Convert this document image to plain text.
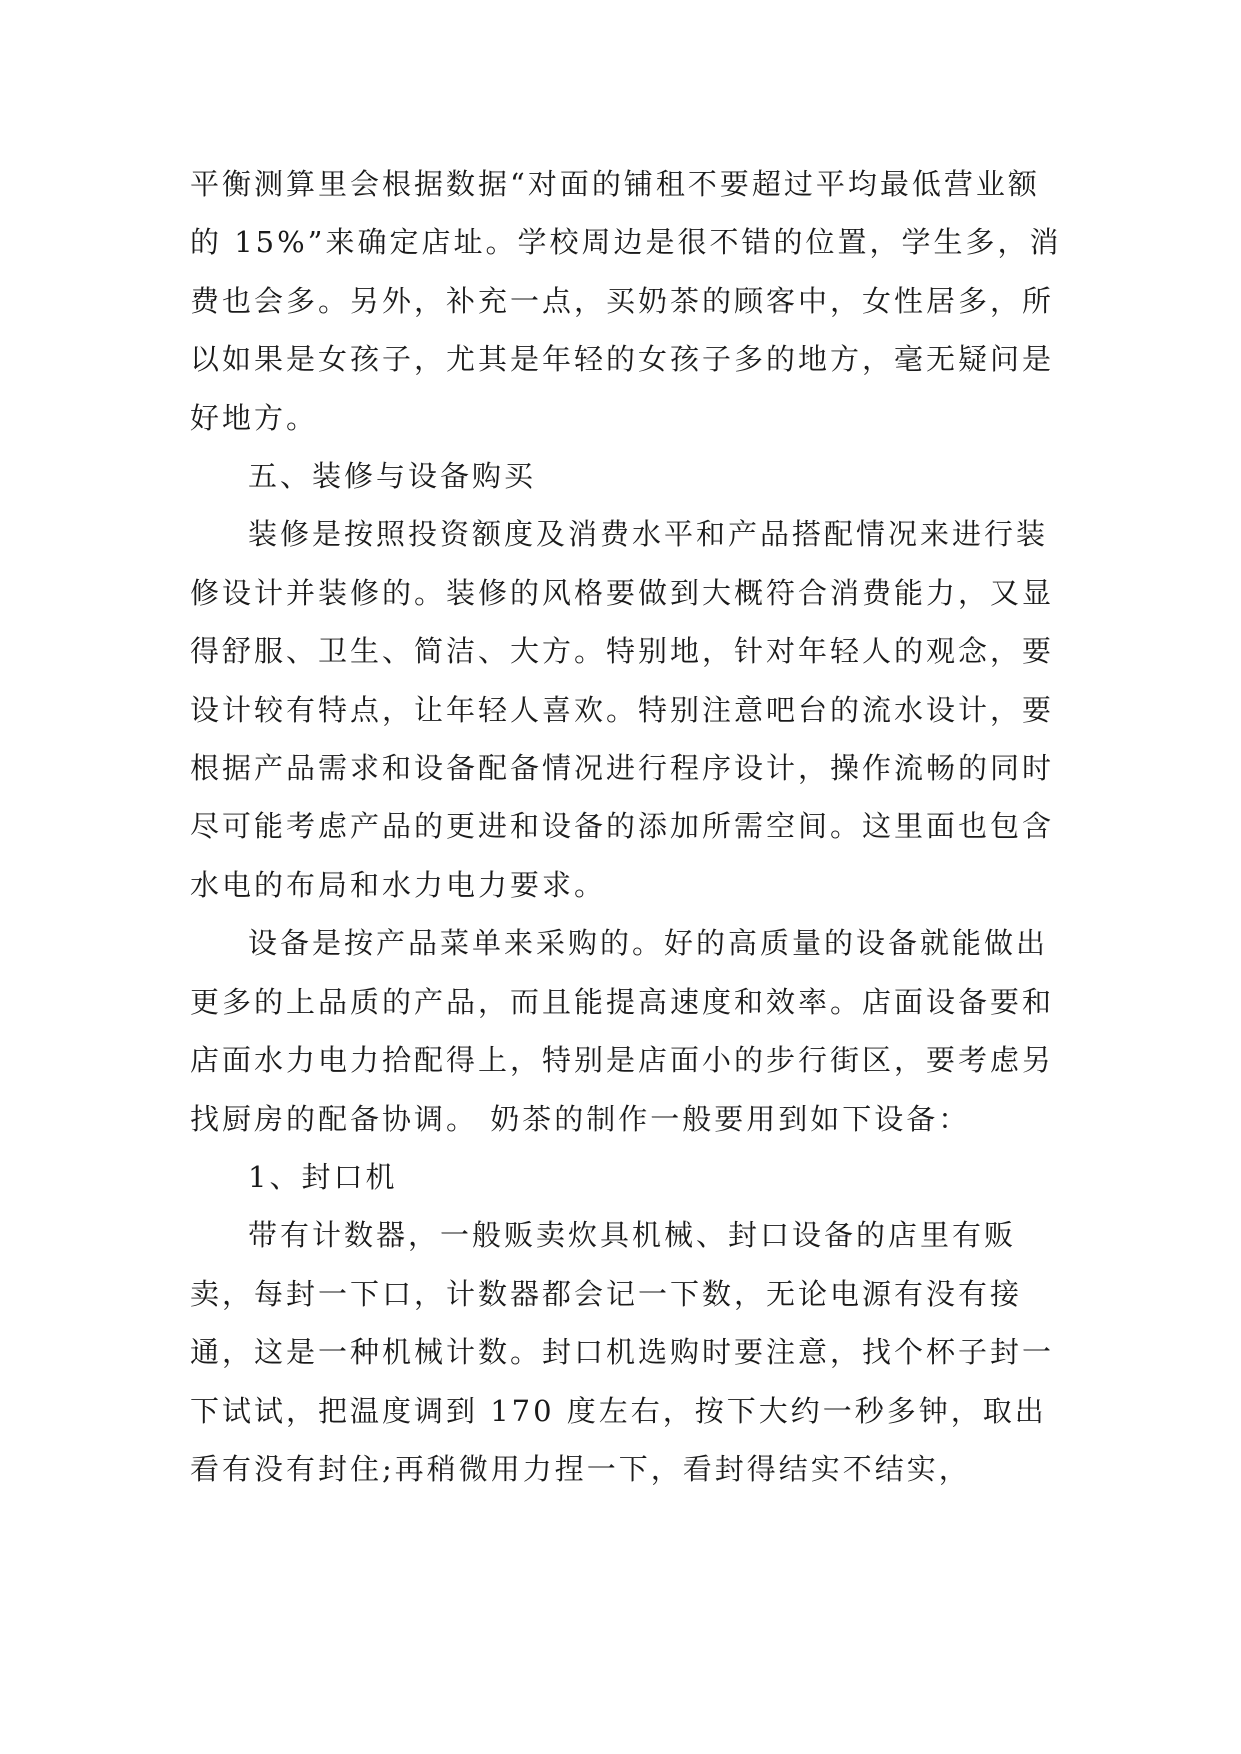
平衡测算里会根据数据“对面的铺租不要超过平均最低营业额的 15%”来确定店址。学校周边是很不错的位置，学生多，消费也会多。另外，补充一点，买奶茶的顾客中，女性居多，所以如果是女孩子，尤其是年轻的女孩子多的地方，毫无疑问是好地方。

五、装修与设备购买

装修是按照投资额度及消费水平和产品搭配情况来进行装修设计并装修的。装修的风格要做到大概符合消费能力，又显得舒服、卫生、简洁、大方。特别地，针对年轻人的观念，要设计较有特点，让年轻人喜欢。特别注意吧台的流水设计，要根据产品需求和设备配备情况进行程序设计，操作流畅的同时尽可能考虑产品的更进和设备的添加所需空间。这里面也包含水电的布局和水力电力要求。

设备是按产品菜单来采购的。好的高质量的设备就能做出更多的上品质的产品，而且能提高速度和效率。店面设备要和店面水力电力拾配得上，特别是店面小的步行街区，要考虑另找厨房的配备协调。 奶茶的制作一般要用到如下设备：

1、封口机

带有计数器，一般贩卖炊具机械、封口设备的店里有贩卖，每封一下口，计数器都会记一下数，无论电源有没有接通，这是一种机械计数。封口机选购时要注意，找个杯子封一下试试，把温度调到 170 度左右，按下大约一秒多钟，取出看有没有封住;再稍微用力捏一下，看封得结实不结实，
